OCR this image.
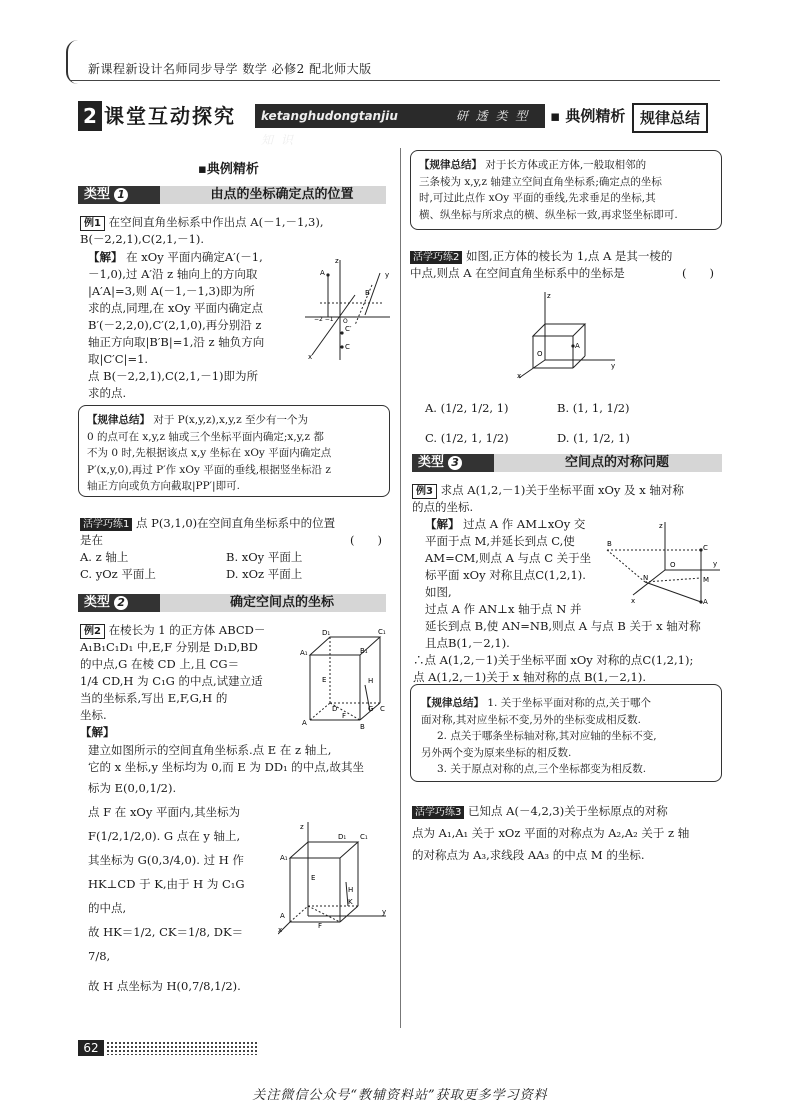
新课程新设计名师同步导学 数学 必修2 配北师大版
2 课堂互动探究	ketanghudongtanjiu	研 透 类 型 知 识
▪ 典例精析 规律总结
▪典例精析
类型 1	由点的坐标确定点的位置
例1 在空间直角坐标系中作出点 A(－1,－1,3),
B(－2,2,1),C(2,1,－1).
【解】 在 xOy 平面内确定A′(－1,
－1,0),过 A′沿 z 轴向上的方向取
|A′A|=3,则 A(－1,－1,3)即为所
求的点,同理,在 xOy 平面内确定点
B′(－2,2,0),C′(2,1,0),再分别沿 z
轴正方向取|B′B|=1,沿 z 轴负方向
取|C′C|=1.
点 B(－2,2,1),C(2,1,－1)即为所
求的点.
z
y
A
B
C′
C
x
−2 −1 O
【规律总结】 对于 P(x,y,z),x,y,z 至少有一个为
0 的点可在 x,y,z 轴或三个坐标平面内确定;x,y,z 都
不为 0 时,先根据该点 x,y 坐标在 xOy 平面内确定点
P′(x,y,0),再过 P′作 xOy 平面的垂线,根据竖坐标沿 z
轴正方向或负方向截取|PP′|即可.
活学巧练1 点 P(3,1,0)在空间直角坐标系中的位置
是在	(　　)
A. z 轴上	B. xOy 平面上
C. yOz 平面上	D. xOz 平面上
类型 2	确定空间点的坐标
例2 在棱长为 1 的正方体 ABCD－
A₁B₁C₁D₁ 中,E,F 分别是 D₁D,BD
的中点,G 在棱 CD 上,且 CG＝
1/4 CD,H 为 C₁G 的中点,试建立适
当的坐标系,写出 E,F,G,H 的
坐标.
【解】
D₁	C₁
A₁	B₁
E	H
D	G
F
A	B
C
建立如图所示的空间直角坐标系.点 E 在 z 轴上,
它的 x 坐标,y 坐标均为 0,而 E 为 DD₁ 的中点,故其坐
标为 E(0,0,1/2).
点 F 在 xOy 平面内,其坐标为
F(1/2,1/2,0). G 点在 y 轴上,
其坐标为 G(0,3/4,0). 过 H 作
HK⊥CD 于 K,由于 H 为 C₁G
的中点,
故 HK＝1/2, CK＝1/8, DK＝
7/8,
故 H 点坐标为 H(0,7/8,1/2).
z
D₁ C₁
A₁
E
H
K
y
F
A
x
【规律总结】 对于长方体或正方体,一般取相邻的
三条棱为 x,y,z 轴建立空间直角坐标系;确定点的坐标
时,可过此点作 xOy 平面的垂线,先求垂足的坐标,其
横、纵坐标与所求点的横、纵坐标一致,再求竖坐标即可.
活学巧练2 如图,正方体的棱长为 1,点 A 是其一棱的
中点,则点 A 在空间直角坐标系中的坐标是	(　　)
z
A
O
y
x
A. (1/2, 1/2, 1)	B. (1, 1, 1/2)
C. (1/2, 1, 1/2)	D. (1, 1/2, 1)
类型 3	空间点的对称问题
例3 求点 A(1,2,－1)关于坐标平面 xOy 及 x 轴对称
的点的坐标.
【解】 过点 A 作 AM⊥xOy 交
平面于点 M,并延长到点 C,使
AM=CM,则点 A 与点 C 关于坐
标平面 xOy 对称且点C(1,2,1).
如图,
过点 A 作 AN⊥x 轴于点 N 并
z
C
B
O	y
M
N
A
x
延长到点 B,使 AN=NB,则点 A 与点 B 关于 x 轴对称
且点B(1,－2,1).
∴点 A(1,2,－1)关于坐标平面 xOy 对称的点C(1,2,1);
点 A(1,2,－1)关于 x 轴对称的点 B(1,－2,1).
【规律总结】 1. 关于坐标平面对称的点,关于哪个
面对称,其对应坐标不变,另外的坐标变成相反数.
2. 点关于哪条坐标轴对称,其对应轴的坐标不变,
另外两个变为原来坐标的相反数.
3. 关于原点对称的点,三个坐标都变为相反数.
活学巧练3 已知点 A(－4,2,3)关于坐标原点的对称
点为 A₁,A₁ 关于 xOz 平面的对称点为 A₂,A₂ 关于 z 轴
的对称点为 A₃,求线段 AA₃ 的中点 M 的坐标.
62
关注微信公众号“教辅资料站”获取更多学习资料
